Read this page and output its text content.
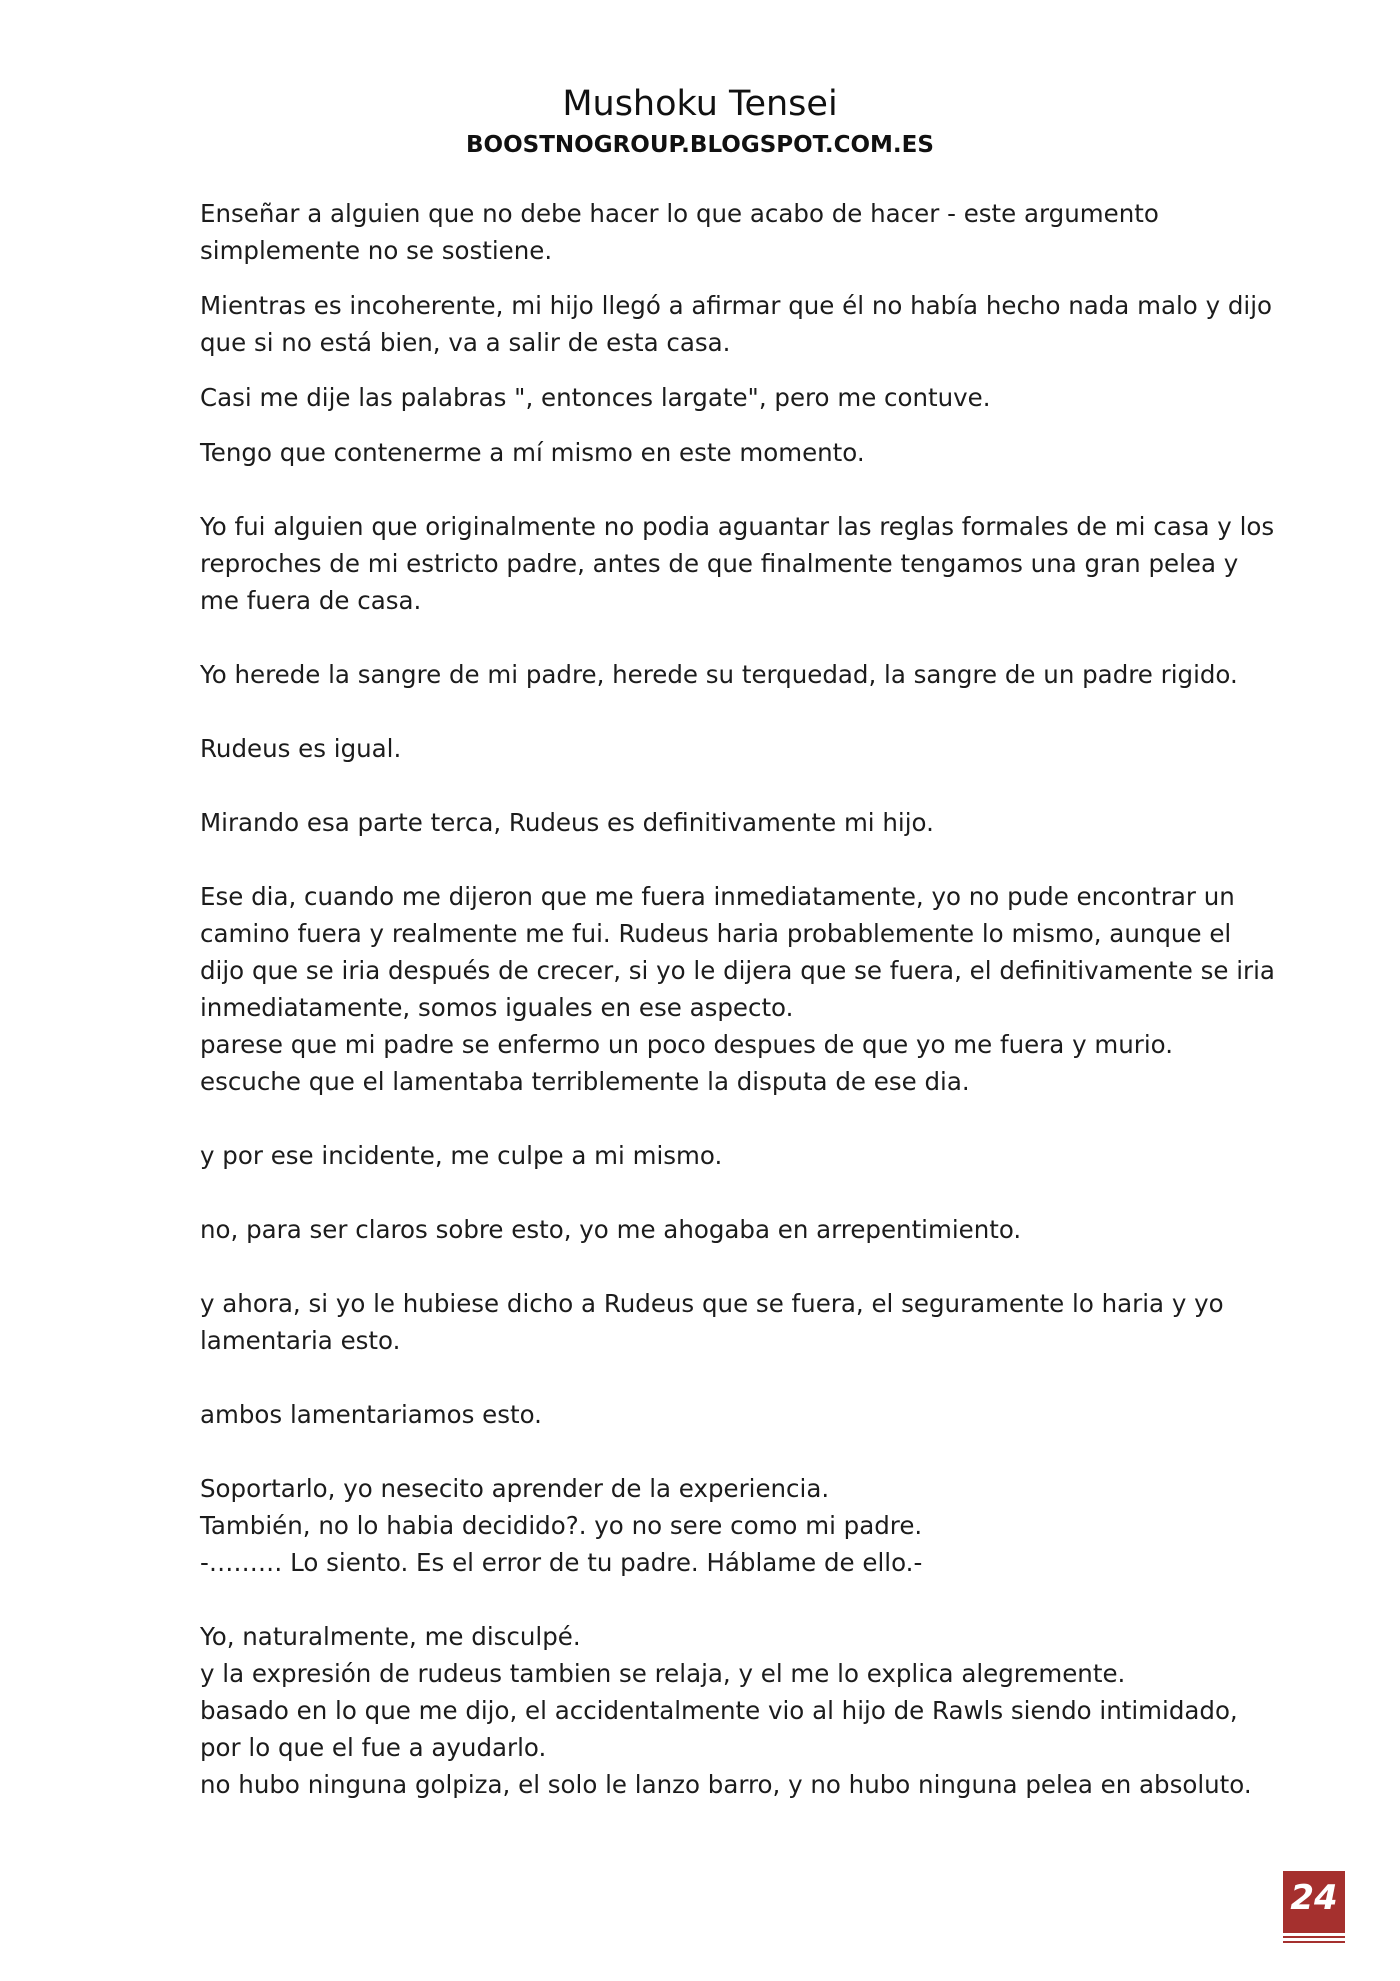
Mushoku Tensei
BOOSTNOGROUP.BLOGSPOT.COM.ES
Enseñar a alguien que no debe hacer lo que acabo de hacer - este argumento
simplemente no se sostiene.
Mientras es incoherente, mi hijo llegó a afirmar que él no había hecho nada malo y dijo
que si no está bien, va a salir de esta casa.
Casi me dije las palabras ", entonces largate", pero me contuve.
Tengo que contenerme a mí mismo en este momento.
Yo fui alguien que originalmente no podia aguantar las reglas formales de mi casa y los
reproches de mi estricto padre, antes de que finalmente tengamos una gran pelea y
me fuera de casa.
Yo herede la sangre de mi padre, herede su terquedad, la sangre de un padre rigido.
Rudeus es igual.
Mirando esa parte terca, Rudeus es definitivamente mi hijo.
Ese dia, cuando me dijeron que me fuera inmediatamente, yo no pude encontrar un
camino fuera y realmente me fui. Rudeus haria probablemente lo mismo, aunque el
dijo que se iria después de crecer, si yo le dijera que se fuera, el definitivamente se iria
inmediatamente, somos iguales en ese aspecto.
parese que mi padre se enfermo un poco despues de que yo me fuera y murio.
escuche que el lamentaba terriblemente la disputa de ese dia.
y por ese incidente, me culpe a mi mismo.
no, para ser claros sobre esto, yo me ahogaba en arrepentimiento.
y ahora, si yo le hubiese dicho a Rudeus que se fuera, el seguramente lo haria y yo
lamentaria esto.
ambos lamentariamos esto.
Soportarlo, yo nesecito aprender de la experiencia.
También, no lo habia decidido?. yo no sere como mi padre.
-……… Lo siento. Es el error de tu padre. Háblame de ello.-
Yo, naturalmente, me disculpé.
y la expresión de rudeus tambien se relaja, y el me lo explica alegremente.
basado en lo que me dijo, el accidentalmente vio al hijo de Rawls siendo intimidado,
por lo que el fue a ayudarlo.
no hubo ninguna golpiza, el solo le lanzo barro, y no hubo ninguna pelea en absoluto.
24
